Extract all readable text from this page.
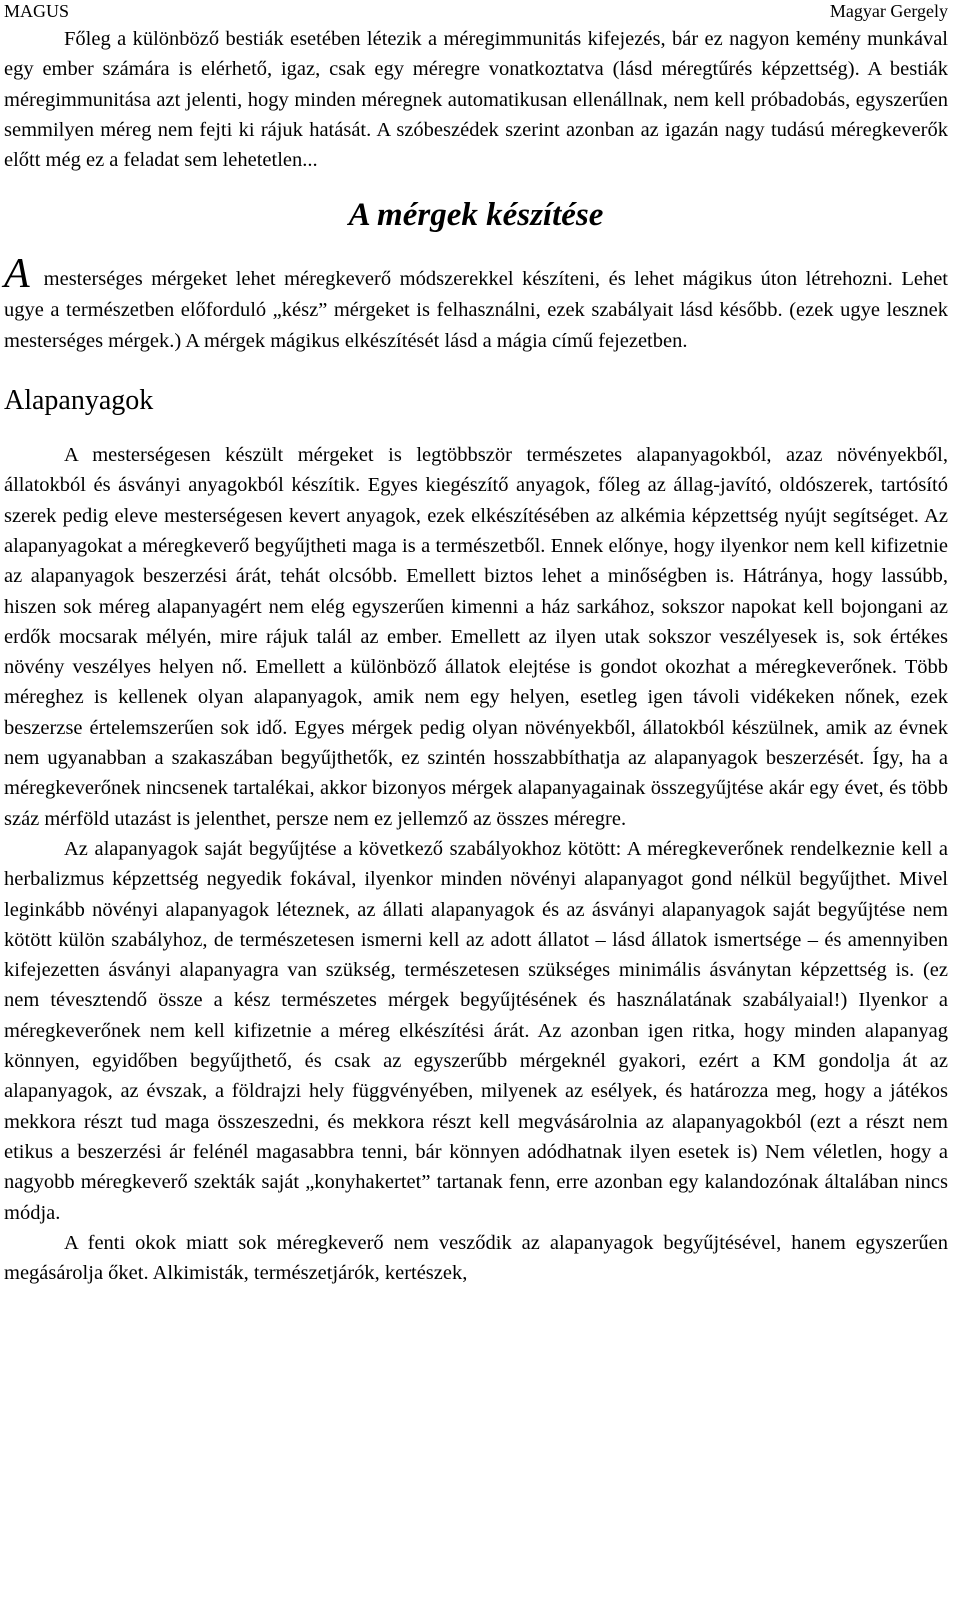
MAGUS	Magyar Gergely

Főleg a különböző bestiák esetében létezik a méregimmunitás kifejezés, bár ez nagyon kemény munkával egy ember számára is elérhető, igaz, csak egy méregre vonatkoztatva (lásd méregtűrés képzettség). A bestiák méregimmunitása azt jelenti, hogy minden méregnek automatikusan ellenállnak, nem kell próbadobás, egyszerűen semmilyen méreg nem fejti ki rájuk hatását. A szóbeszédek szerint azonban az igazán nagy tudású méregkeverők előtt még ez a feladat sem lehetetlen...

A mérgek készítése

Amesterséges mérgeket lehet méregkeverő módszerekkel készíteni, és lehet mágikus úton létrehozni. Lehet ugye a természetben előforduló „kész” mérgeket is felhasználni, ezek szabályait lásd később. (ezek ugye lesznek mesterséges mérgek.) A mérgek mágikus elkészítését lásd a mágia című fejezetben.

Alapanyagok

A mesterségesen készült mérgeket is legtöbbször természetes alapanyagokból, azaz növényekből, állatokból és ásványi anyagokból készítik. Egyes kiegészítő anyagok, főleg az állag-javító, oldószerek, tartósító szerek pedig eleve mesterségesen kevert anyagok, ezek elkészítésében az alkémia képzettség nyújt segítséget. Az alapanyagokat a méregkeverő begyűjtheti maga is a természetből. Ennek előnye, hogy ilyenkor nem kell kifizetnie az alapanyagok beszerzési árát, tehát olcsóbb. Emellett biztos lehet a minőségben is. Hátránya, hogy lassúbb, hiszen sok méreg alapanyagért nem elég egyszerűen kimenni a ház sarkához, sokszor napokat kell bojongani az erdők mocsarak mélyén, mire rájuk talál az ember. Emellett az ilyen utak sokszor veszélyesek is, sok értékes növény veszélyes helyen nő. Emellett a különböző állatok elejtése is gondot okozhat a méregkeverőnek. Több méreghez is kellenek olyan alapanyagok, amik nem egy helyen, esetleg igen távoli vidékeken nőnek, ezek beszerzse értelemszerűen sok idő. Egyes mérgek pedig olyan növényekből, állatokból készülnek, amik az évnek nem ugyanabban a szakaszában begyűjthetők, ez szintén hosszabbíthatja az alapanyagok beszerzését. Így, ha a méregkeverőnek nincsenek tartalékai, akkor bizonyos mérgek alapanyagainak összegyűjtése akár egy évet, és több száz mérföld utazást is jelenthet, persze nem ez jellemző az összes méregre.

Az alapanyagok saját begyűjtése a következő szabályokhoz kötött: A méregkeverőnek rendelkeznie kell a herbalizmus képzettség negyedik fokával, ilyenkor minden növényi alapanyagot gond nélkül begyűjthet. Mivel leginkább növényi alapanyagok léteznek, az állati alapanyagok és az ásványi alapanyagok saját begyűjtése nem kötött külön szabályhoz, de természetesen ismerni kell az adott állatot – lásd állatok ismertsége – és amennyiben kifejezetten ásványi alapanyagra van szükség, természetesen szükséges minimális ásványtan képzettség is. (ez nem tévesztendő össze a kész természetes mérgek begyűjtésének és használatának szabályaial!) Ilyenkor a méregkeverőnek nem kell kifizetnie a méreg elkészítési árát. Az azonban igen ritka, hogy minden alapanyag könnyen, egyidőben begyűjthető, és csak az egyszerűbb mérgeknél gyakori, ezért a KM gondolja át az alapanyagok, az évszak, a földrajzi hely függvényében, milyenek az esélyek, és határozza meg, hogy a játékos mekkora részt tud maga összeszedni, és mekkora részt kell megvásárolnia az alapanyagokból (ezt a részt nem etikus a beszerzési ár felénél magasabbra tenni, bár könnyen adódhatnak ilyen esetek is) Nem véletlen, hogy a nagyobb méregkeverő szekták saját „konyhakertet” tartanak fenn, erre azonban egy kalandozónak általában nincs módja.

A fenti okok miatt sok méregkeverő nem vesződik az alapanyagok begyűjtésével, hanem egyszerűen megásárolja őket. Alkimisták, természetjárók, kertészek,
